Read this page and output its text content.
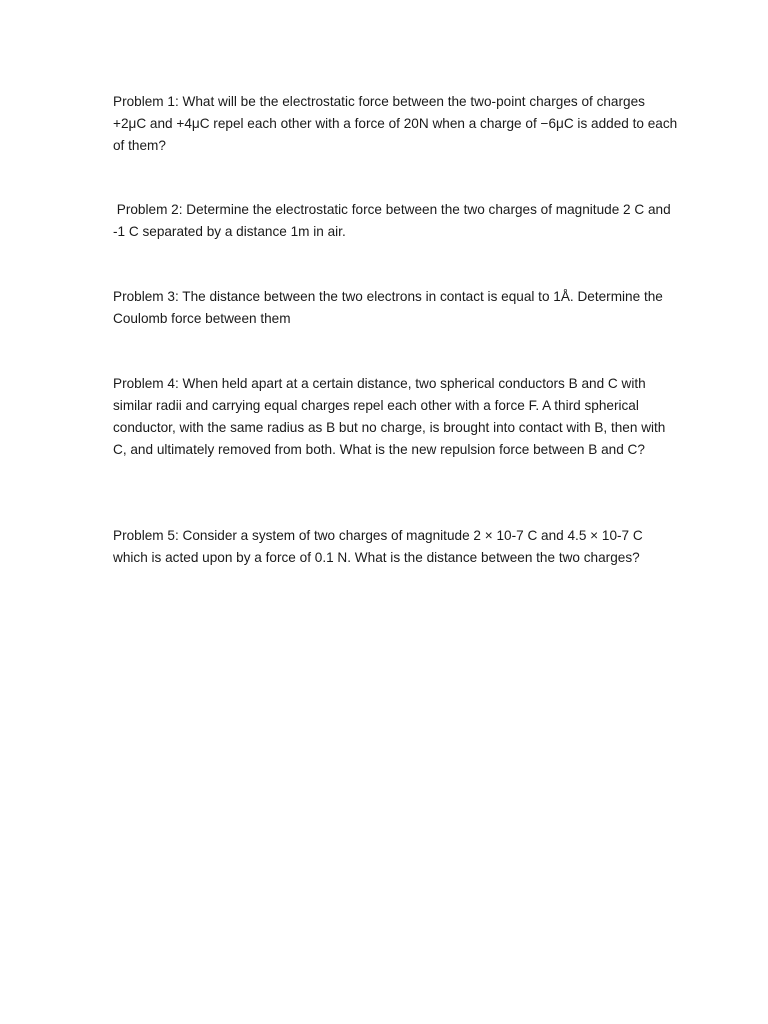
Problem 1: What will be the electrostatic force between the two-point charges of charges +2μC and +4μC repel each other with a force of 20N when a charge of −6μC is added to each of them?

Problem 2: Determine the electrostatic force between the two charges of magnitude 2 C and -1 C separated by a distance 1m in air.

Problem 3: The distance between the two electrons in contact is equal to 1Å. Determine the Coulomb force between them

Problem 4: When held apart at a certain distance, two spherical conductors B and C with similar radii and carrying equal charges repel each other with a force F. A third spherical conductor, with the same radius as B but no charge, is brought into contact with B, then with C, and ultimately removed from both. What is the new repulsion force between B and C?

Problem 5: Consider a system of two charges of magnitude 2 × 10-7 C and 4.5 × 10-7 C which is acted upon by a force of 0.1 N. What is the distance between the two charges?
